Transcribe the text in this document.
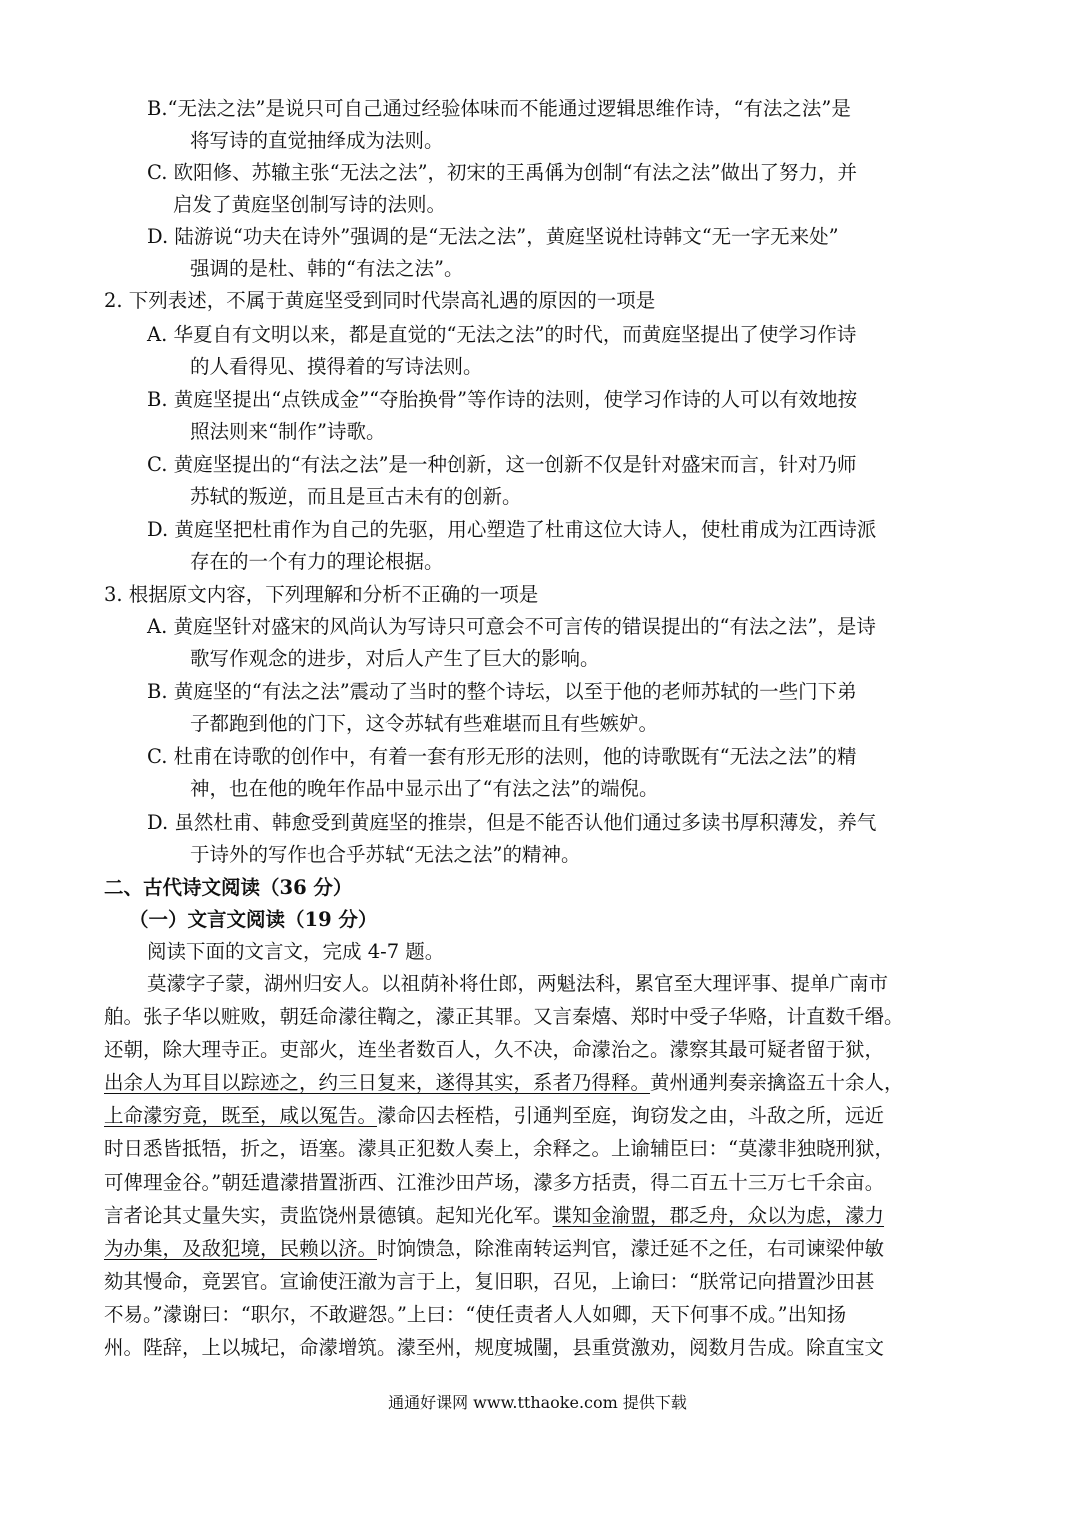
B.“无法之法”是说只可自己通过经验体味而不能通过逻辑思维作诗，“有法之法”是
将写诗的直觉抽绎成为法则。
C. 欧阳修、苏辙主张“无法之法”，初宋的王禹偁为创制“有法之法”做出了努力，并
启发了黄庭坚创制写诗的法则。
D. 陆游说“功夫在诗外”强调的是“无法之法”，黄庭坚说杜诗韩文“无一字无来处”
强调的是杜、韩的“有法之法”。
2. 下列表述，不属于黄庭坚受到同时代崇高礼遇的原因的一项是
A. 华夏自有文明以来，都是直觉的“无法之法”的时代，而黄庭坚提出了使学习作诗
的人看得见、摸得着的写诗法则。
B. 黄庭坚提出“点铁成金”“夺胎换骨”等作诗的法则，使学习作诗的人可以有效地按
照法则来“制作”诗歌。
C. 黄庭坚提出的“有法之法”是一种创新，这一创新不仅是针对盛宋而言，针对乃师
苏轼的叛逆，而且是亘古未有的创新。
D. 黄庭坚把杜甫作为自己的先驱，用心塑造了杜甫这位大诗人，使杜甫成为江西诗派
存在的一个有力的理论根据。
3. 根据原文内容，下列理解和分析不正确的一项是
A. 黄庭坚针对盛宋的风尚认为写诗只可意会不可言传的错误提出的“有法之法”，是诗
歌写作观念的进步，对后人产生了巨大的影响。
B. 黄庭坚的“有法之法”震动了当时的整个诗坛，以至于他的老师苏轼的一些门下弟
子都跑到他的门下，这令苏轼有些难堪而且有些嫉妒。
C. 杜甫在诗歌的创作中，有着一套有形无形的法则，他的诗歌既有“无法之法”的精
神，也在他的晚年作品中显示出了“有法之法”的端倪。
D. 虽然杜甫、韩愈受到黄庭坚的推崇，但是不能否认他们通过多读书厚积薄发，养气
于诗外的写作也合乎苏轼“无法之法”的精神。
二、古代诗文阅读（36 分）
（一）文言文阅读（19 分）
阅读下面的文言文，完成 4-7 题。
莫濛字子蒙，湖州归安人。以祖荫补将仕郎，两魁法科，累官至大理评事、提单广南市
舶。张子华以赃败，朝廷命濛往鞫之，濛正其罪。又言秦熺、郑时中受子华赂，计直数千缗。
还朝，除大理寺正。吏部火，连坐者数百人，久不决，命濛治之。濛察其最可疑者留于狱，
出余人为耳目以踪迹之，约三日复来，遂得其实，系者乃得释。黄州通判奏亲擒盗五十余人，
上命濛穷竟，既至，咸以冤告。濛命囚去桎梏，引通判至庭，询窃发之由，斗敌之所，远近
时日悉皆抵牾，折之，语塞。濛具正犯数人奏上，余释之。上谕辅臣曰：“莫濛非独晓刑狱，
可俾理金谷。”朝廷遣濛措置浙西、江淮沙田芦场，濛多方括责，得二百五十三万七千余亩。
言者论其丈量失实，责监饶州景德镇。起知光化军。谍知金渝盟，郡乏舟，众以为虑，濛力
为办集，及敌犯境，民赖以济。时饷馈急，除淮南转运判官，濛迁延不之任，右司谏梁仲敏
劾其慢命，竟罢官。宣谕使汪澈为言于上，复旧职，召见，上谕曰：“朕常记向措置沙田甚
不易。”濛谢曰：“职尔，不敢避怨。”上曰：“使任责者人人如卿，天下何事不成。”出知扬
州。陛辞，上以城圮，命濛增筑。濛至州，规度城闉，县重赏激劝，阅数月告成。除直宝文
通通好课网 www.tthaoke.com 提供下载
